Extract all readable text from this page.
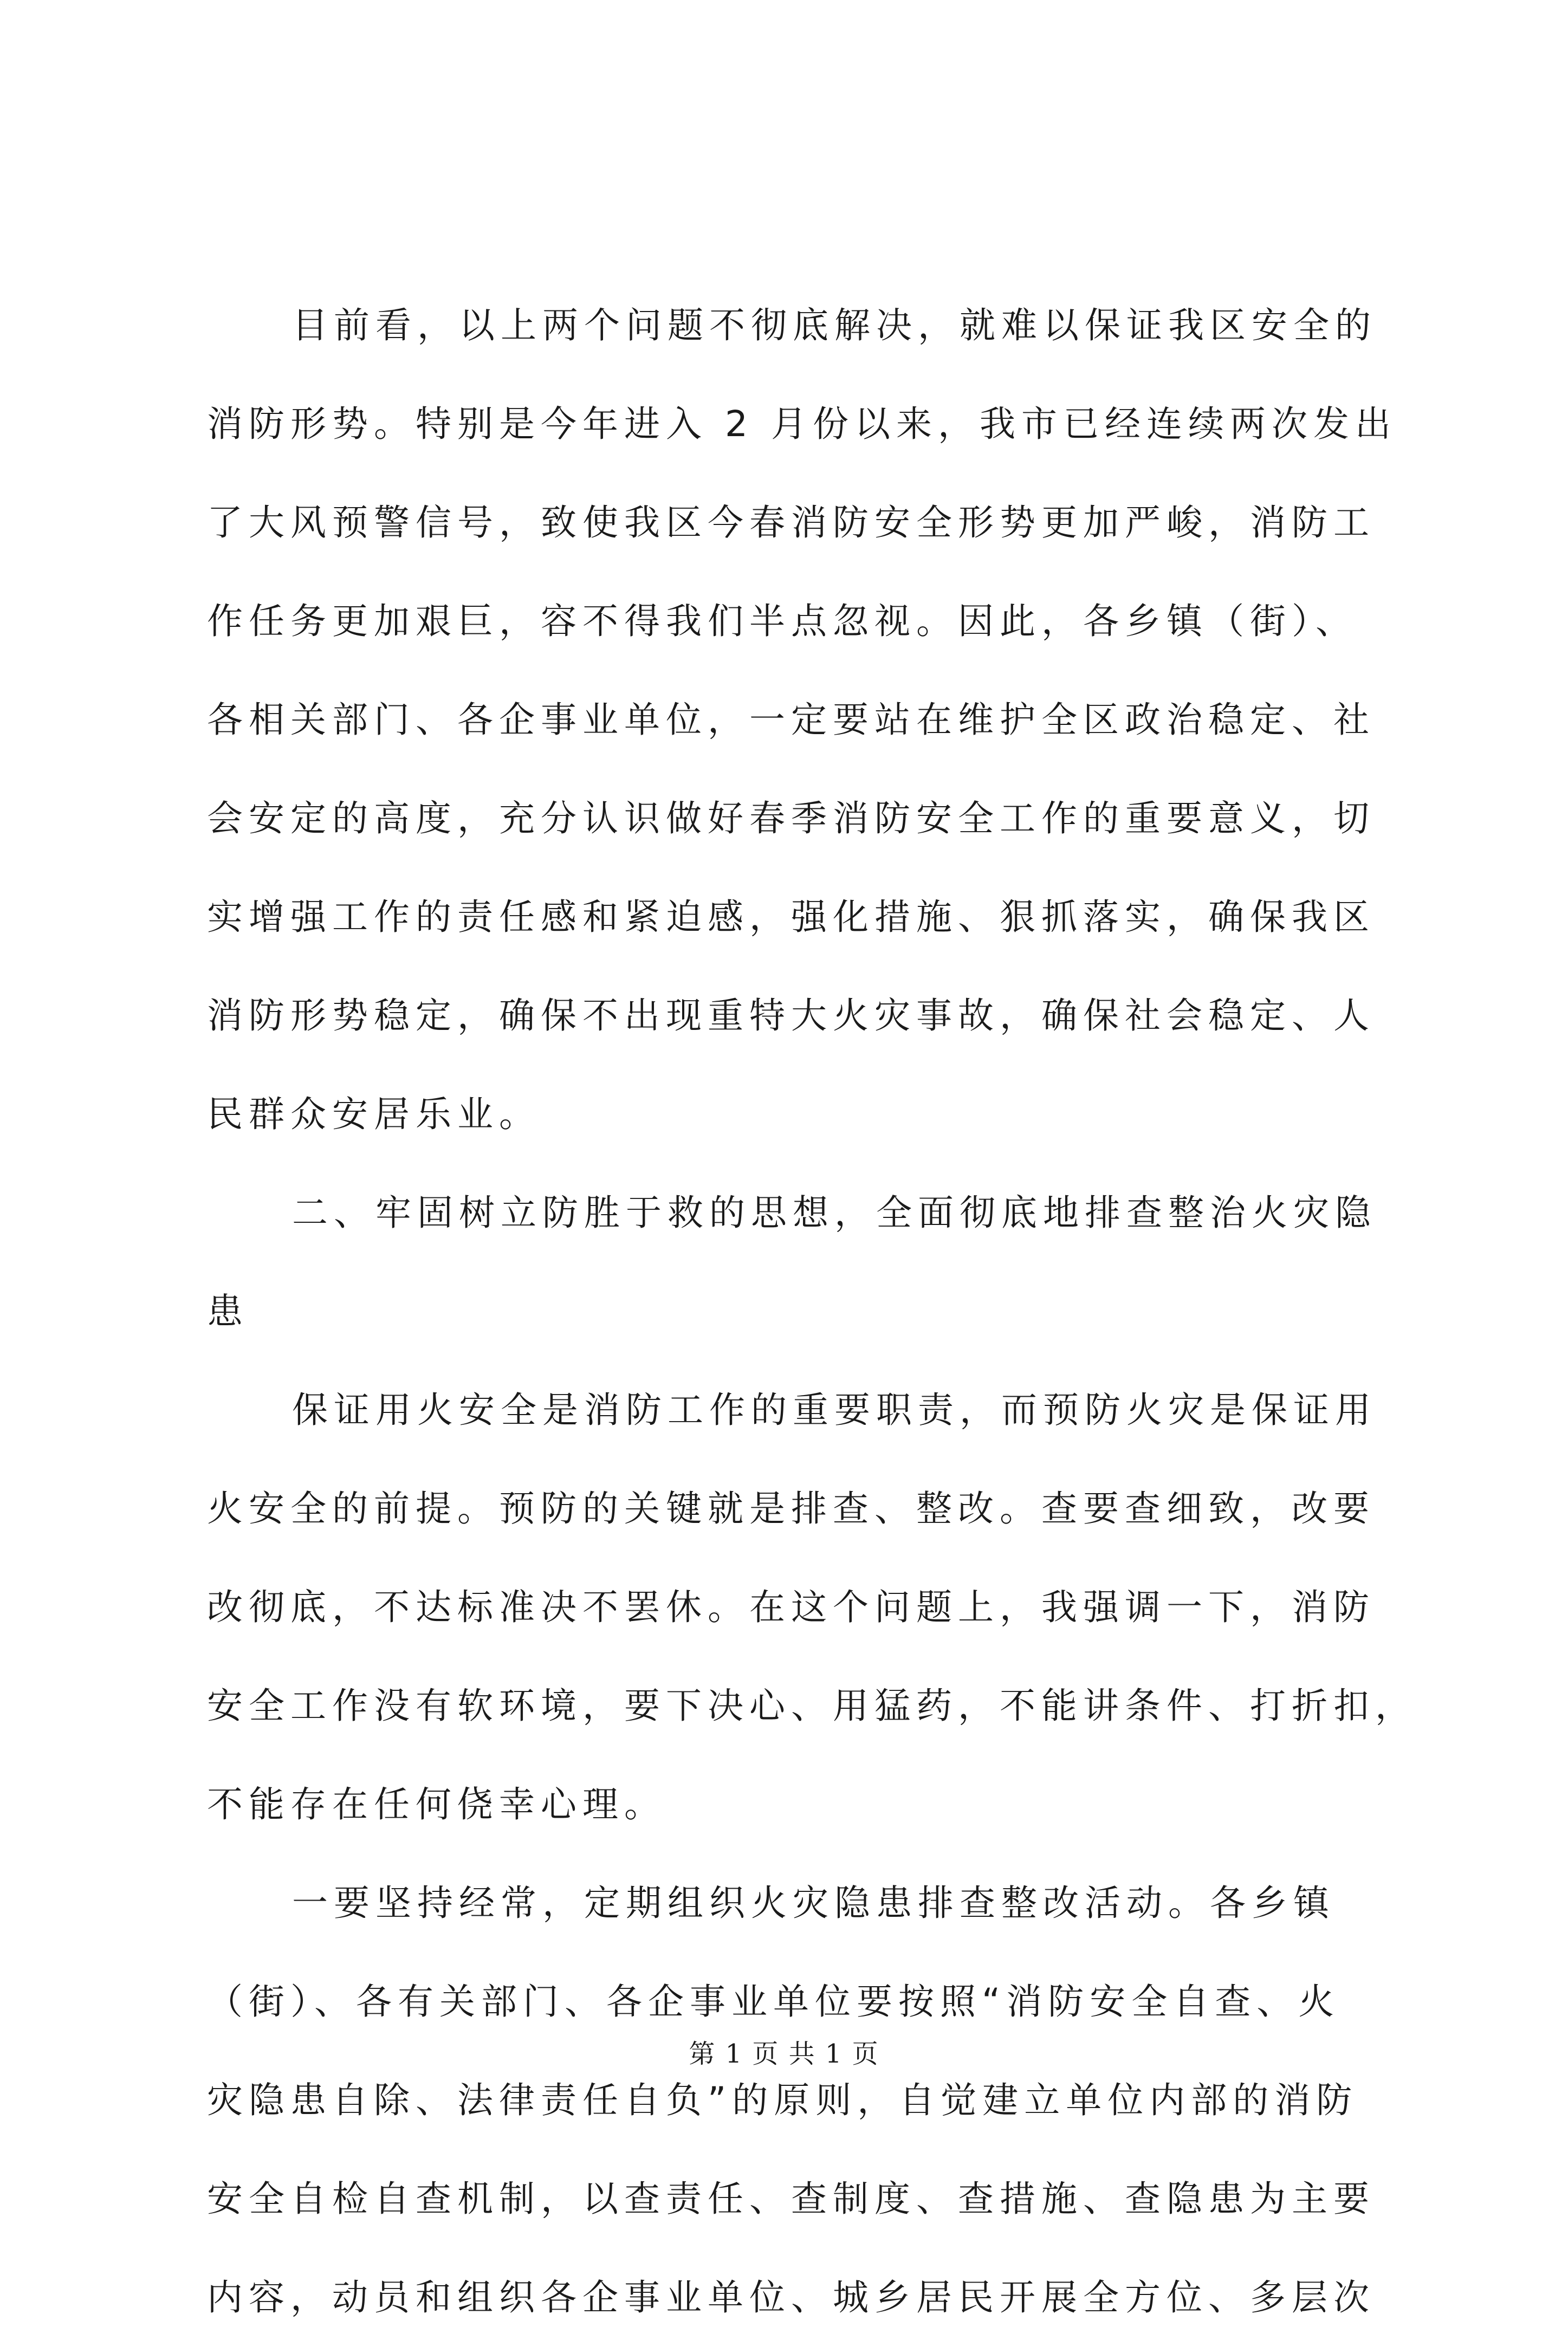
目前看，以上两个问题不彻底解决，就难以保证我区安全的
消防形势。特别是今年进入 2 月份以来，我市已经连续两次发出
了大风预警信号，致使我区今春消防安全形势更加严峻，消防工
作任务更加艰巨，容不得我们半点忽视。因此，各乡镇（街）、
各相关部门、各企事业单位，一定要站在维护全区政治稳定、社
会安定的高度，充分认识做好春季消防安全工作的重要意义，切
实增强工作的责任感和紧迫感，强化措施、狠抓落实，确保我区
消防形势稳定，确保不出现重特大火灾事故，确保社会稳定、人
民群众安居乐业。
二、牢固树立防胜于救的思想，全面彻底地排查整治火灾隐
患
保证用火安全是消防工作的重要职责，而预防火灾是保证用
火安全的前提。预防的关键就是排查、整改。查要查细致，改要
改彻底，不达标准决不罢休。在这个问题上，我强调一下，消防
安全工作没有软环境，要下决心、用猛药，不能讲条件、打折扣，
不能存在任何侥幸心理。
一要坚持经常，定期组织火灾隐患排查整改活动。各乡镇
（街）、各有关部门、各企事业单位要按照“消防安全自查、火
灾隐患自除、法律责任自负”的原则，自觉建立单位内部的消防
安全自检自查机制，以查责任、查制度、查措施、查隐患为主要
内容，动员和组织各企事业单位、城乡居民开展全方位、多层次
第 1 页 共 1 页
